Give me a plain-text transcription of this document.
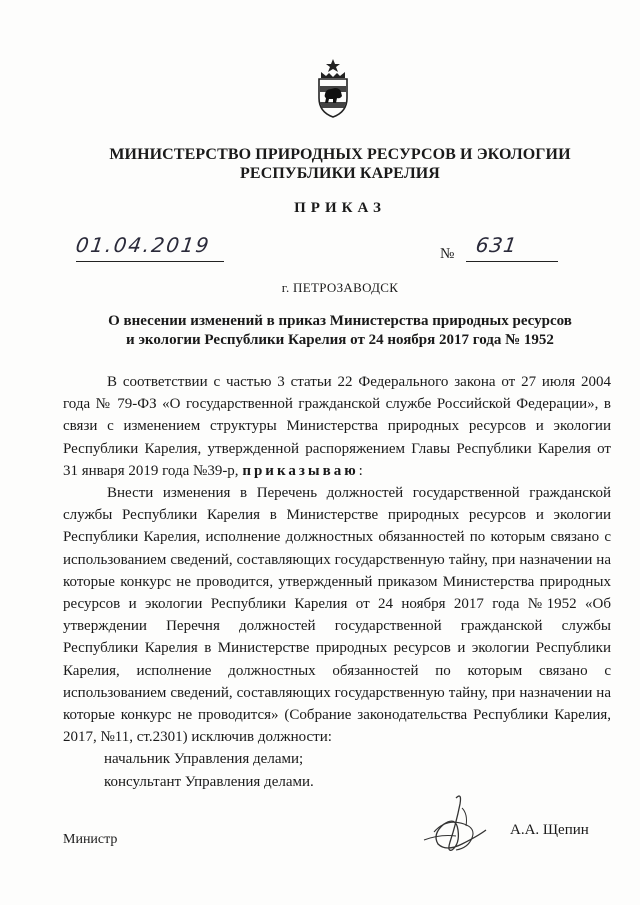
МИНИСТЕРСТВО ПРИРОДНЫХ РЕСУРСОВ И ЭКОЛОГИИ
РЕСПУБЛИКИ КАРЕЛИЯ
ПРИКАЗ
01.04.2019	№ 631
г. ПЕТРОЗАВОДСК
О внесении изменений в приказ Министерства природных ресурсов
и экологии Республики Карелия от 24 ноября 2017 года № 1952

В соответствии с частью 3 статьи 22 Федерального закона от 27 июля 2004 года № 79-ФЗ «О государственной гражданской службе Российской Федерации», в связи с изменением структуры Министерства природных ресурсов и экологии Республики Карелия, утвержденной распоряжением Главы Республики Карелия от 31 января 2019 года №39-р, приказываю:

Внести изменения в Перечень должностей государственной гражданской службы Республики Карелия в Министерстве природных ресурсов и экологии Республики Карелия, исполнение должностных обязанностей по которым связано с использованием сведений, составляющих государственную тайну, при назначении на которые конкурс не проводится, утвержденный приказом Министерства природных ресурсов и экологии Республики Карелия от 24 ноября 2017 года №1952 «Об утверждении Перечня должностей государственной гражданской службы Республики Карелия в Министерстве природных ресурсов и экологии Республики Карелия, исполнение должностных обязанностей по которым связано с использованием сведений, составляющих государственную тайну, при назначении на которые конкурс не проводится» (Собрание законодательства Республики Карелия, 2017, №11, ст.2301) исключив должности:

начальник Управления делами;

консультант Управления делами.

Министр
А.А. Щепин
